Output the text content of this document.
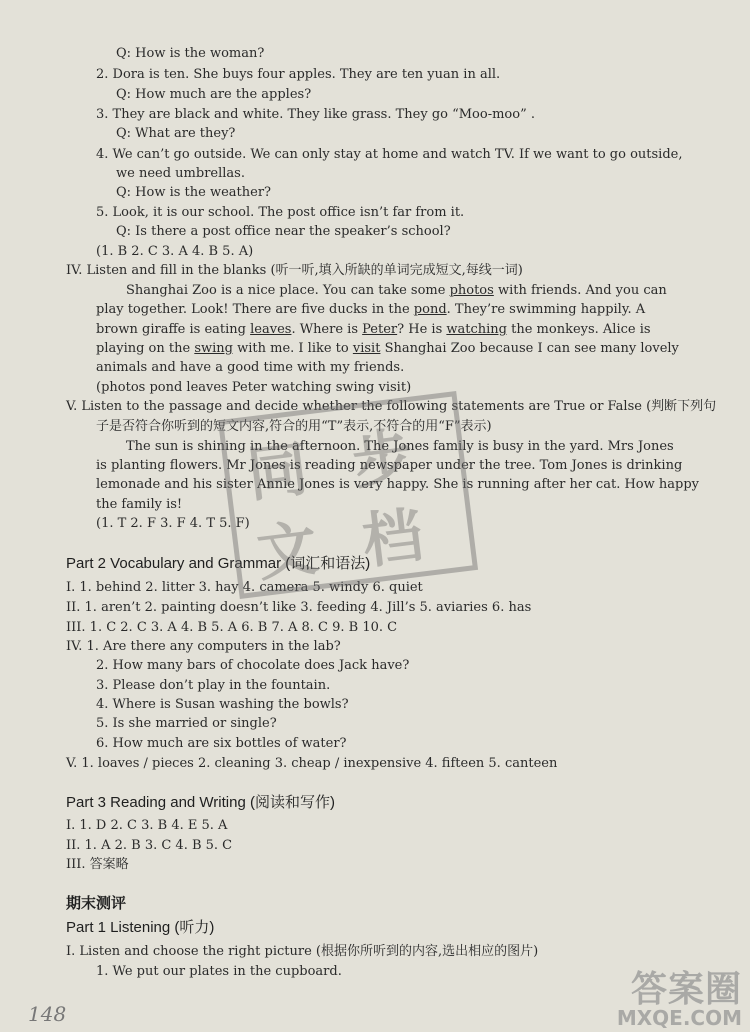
Q: How is the woman?
2. Dora is ten. She buys four apples. They are ten yuan in all.
Q: How much are the apples?
3. They are black and white. They like grass. They go “Moo-moo” .
Q: What are they?
4. We can’t go outside. We can only stay at home and watch TV. If we want to go outside,
we need umbrellas.
Q: How is the weather?
5. Look, it is our school. The post office isn’t far from it.
Q: Is there a post office near the speaker’s school?
(1. B 2. C 3. A 4. B 5. A)
IV. Listen and fill in the blanks (听一听,填入所缺的单词完成短文,每线一词)
Shanghai Zoo is a nice place. You can take some photos with friends. And you can
play together. Look! There are five ducks in the pond. They’re swimming happily. A
brown giraffe is eating leaves. Where is Peter? He is watching the monkeys. Alice is
playing on the swing with me. I like to visit Shanghai Zoo because I can see many lovely
animals and have a good time with my friends.
(photos pond leaves Peter watching swing visit)
V. Listen to the passage and decide whether the following statements are True or False (判断下列句
子是否符合你听到的短文内容,符合的用“T”表示,不符合的用“F”表示)
The sun is shining in the afternoon. The Jones family is busy in the yard. Mrs Jones
is planting flowers. Mr Jones is reading newspaper under the tree. Tom Jones is drinking
lemonade and his sister Annie Jones is very happy. She is running after her cat. How happy
the family is!
(1. T 2. F 3. F 4. T 5. F)
Part 2 Vocabulary and Grammar (词汇和语法)
I. 1. behind 2. litter 3. hay 4. camera 5. windy 6. quiet
II. 1. aren’t 2. painting doesn’t like 3. feeding 4. Jill’s 5. aviaries 6. has
III. 1. C 2. C 3. A 4. B 5. A 6. B 7. A 8. C 9. B 10. C
IV. 1. Are there any computers in the lab?
2. How many bars of chocolate does Jack have?
3. Please don’t play in the fountain.
4. Where is Susan washing the bowls?
5. Is she married or single?
6. How much are six bottles of water?
V. 1. loaves / pieces 2. cleaning 3. cheap / inexpensive 4. fifteen 5. canteen
Part 3 Reading and Writing (阅读和写作)
I. 1. D 2. C 3. B 4. E 5. A
II. 1. A 2. B 3. C 4. B 5. C
III. 答案略
期末测评
Part 1 Listening (听力)
I. Listen and choose the right picture (根据你所听到的内容,选出相应的图片)
1. We put our plates in the cupboard.
同 步
文 档
148
答案圈
MXQE.COM
